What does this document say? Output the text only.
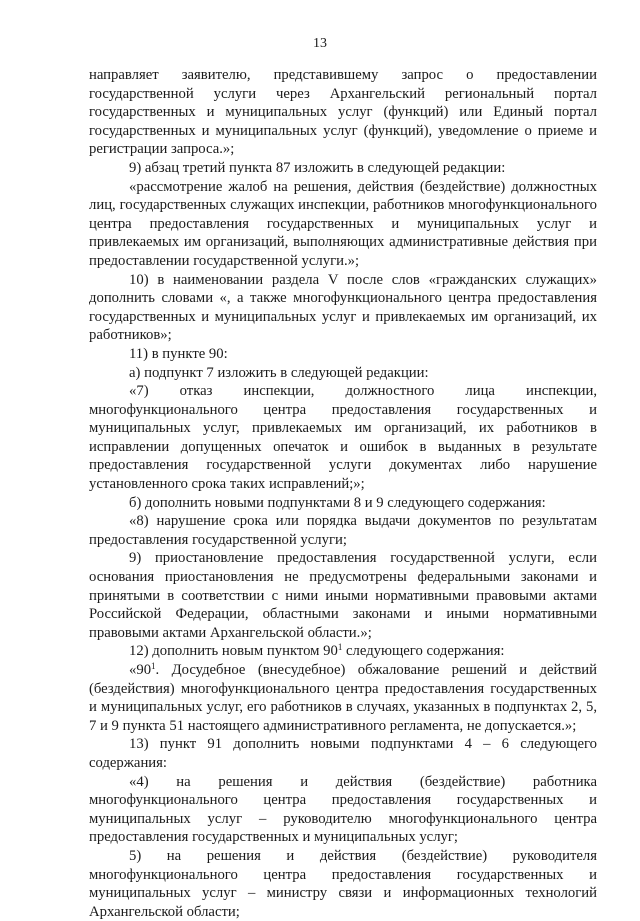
13

направляет заявителю, представившему запрос о предоставлении государственной услуги через Архангельский региональный портал государственных и муниципальных услуг (функций) или Единый портал государственных и муниципальных услуг (функций), уведомление о приеме и регистрации запроса.»;

9) абзац третий пункта 87 изложить в следующей редакции:

«рассмотрение жалоб на решения, действия (бездействие) должностных лиц, государственных служащих инспекции, работников многофункционального центра предоставления государственных и муниципальных услуг и привлекаемых им организаций, выполняющих административные действия при предоставлении государственной услуги.»;

10) в наименовании раздела V после слов «гражданских служащих» дополнить словами «, а также многофункционального центра предоставления государственных и муниципальных услуг и привлекаемых им организаций, их работников»;

11) в пункте 90:

а) подпункт 7 изложить в следующей редакции:

«7) отказ инспекции, должностного лица инспекции, многофункционального центра предоставления государственных и муниципальных услуг, привлекаемых им организаций, их работников в исправлении допущенных опечаток и ошибок в выданных в результате предоставления государственной услуги документах либо нарушение установленного срока таких исправлений;»;

б) дополнить новыми подпунктами 8 и 9 следующего содержания:

«8) нарушение срока или порядка выдачи документов по результатам предоставления государственной услуги;

9) приостановление предоставления государственной услуги, если основания приостановления не предусмотрены федеральными законами и принятыми в соответствии с ними иными нормативными правовыми актами Российской Федерации, областными законами и иными нормативными правовыми актами Архангельской области.»;

12) дополнить новым пунктом $90^1$ следующего содержания:

«$90^1$. Досудебное (внесудебное) обжалование решений и действий (бездействия) многофункционального центра предоставления государственных и муниципальных услуг, его работников в случаях, указанных в подпунктах 2, 5, 7 и 9 пункта 51 настоящего административного регламента, не допускается.»;

13) пункт 91 дополнить новыми подпунктами 4 – 6 следующего содержания:

«4) на решения и действия (бездействие) работника многофункционального центра предоставления государственных и муниципальных услуг – руководителю многофункционального центра предоставления государственных и муниципальных услуг;

5) на решения и действия (бездействие) руководителя многофункционального центра предоставления государственных и муниципальных услуг – министру связи и информационных технологий Архангельской области;
